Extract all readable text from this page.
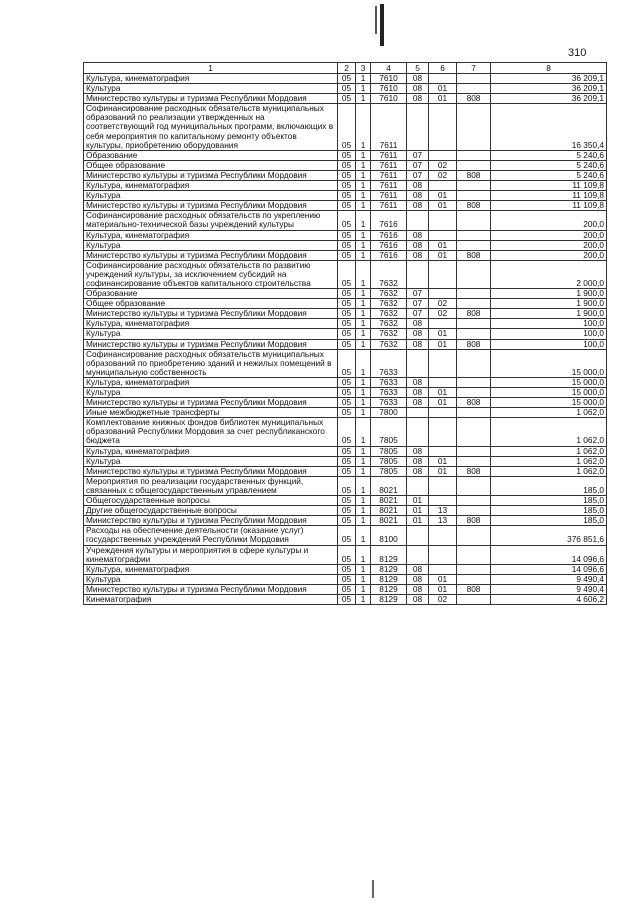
310
1	2	3	4	5	6	7	8
Культура, кинематография	05	1	7610	08			36 209,1
Культура	05	1	7610	08	01		36 209,1
Министерство культуры и туризма Республики Мордовия	05	1	7610	08	01	808	36 209,1
Софинансирование расходных обязательств муниципальных образований по реализации утвержденных на соответствующий год муниципальных программ, включающих в себя мероприятия по капитальному ремонту объектов культуры, приобретению оборудования	05	1	7611				16 350,4
Образование	05	1	7611	07			5 240,6
Общее образование	05	1	7611	07	02		5 240,6
Министерство культуры и туризма Республики Мордовия	05	1	7611	07	02	808	5 240,6
Культура, кинематография	05	1	7611	08			11 109,8
Культура	05	1	7611	08	01		11 109,8
Министерство культуры и туризма Республики Мордовия	05	1	7611	08	01	808	11 109,8
Софинансирование расходных обязательств по укреплению материально-технической базы учреждений культуры	05	1	7616				200,0
Культура, кинематография	05	1	7616	08			200,0
Культура	05	1	7616	08	01		200,0
Министерство культуры и туризма Республики Мордовия	05	1	7616	08	01	808	200,0
Софинансирование расходных обязательств по развитию учреждений культуры, за исключением субсидий на софинансирование объектов капитального строительства	05	1	7632				2 000,0
Образование	05	1	7632	07			1 900,0
Общее образование	05	1	7632	07	02		1 900,0
Министерство культуры и туризма Республики Мордовия	05	1	7632	07	02	808	1 900,0
Культура, кинематография	05	1	7632	08			100,0
Культура	05	1	7632	08	01		100,0
Министерство культуры и туризма Республики Мордовия	05	1	7632	08	01	808	100,0
Софинансирование расходных обязательств муниципальных образований по приобретению зданий и нежилых помещений в муниципальную собственность	05	1	7633				15 000,0
Культура, кинематография	05	1	7633	08			15 000,0
Культура	05	1	7633	08	01		15 000,0
Министерство культуры и туризма Республики Мордовия	05	1	7633	08	01	808	15 000,0
Иные межбюджетные трансферты	05	1	7800				1 062,0
Комплектование книжных фондов библиотек муниципальных образований Республики Мордовия за счет республиканского бюджета	05	1	7805				1 062,0
Культура, кинематография	05	1	7805	08			1 062,0
Культура	05	1	7805	08	01		1 062,0
Министерство культуры и туризма Республики Мордовия	05	1	7805	08	01	808	1 062,0
Мероприятия по реализации государственных функций, связанных с общегосударственным управлением	05	1	8021				185,0
Общегосударственные вопросы	05	1	8021	01			185,0
Другие общегосударственные вопросы	05	1	8021	01	13		185,0
Министерство культуры и туризма Республики Мордовия	05	1	8021	01	13	808	185,0
Расходы на обеспечение деятельности (оказание услуг) государственных учреждений Республики Мордовия	05	1	8100				376 851,6
Учреждения культуры и мероприятия в сфере культуры и кинематографии	05	1	8129				14 096,6
Культура, кинематография	05	1	8129	08			14 096,6
Культура	05	1	8129	08	01		9 490,4
Министерство культуры и туризма Республики Мордовия	05	1	8129	08	01	808	9 490,4
Кинематография	05	1	8129	08	02		4 606,2
